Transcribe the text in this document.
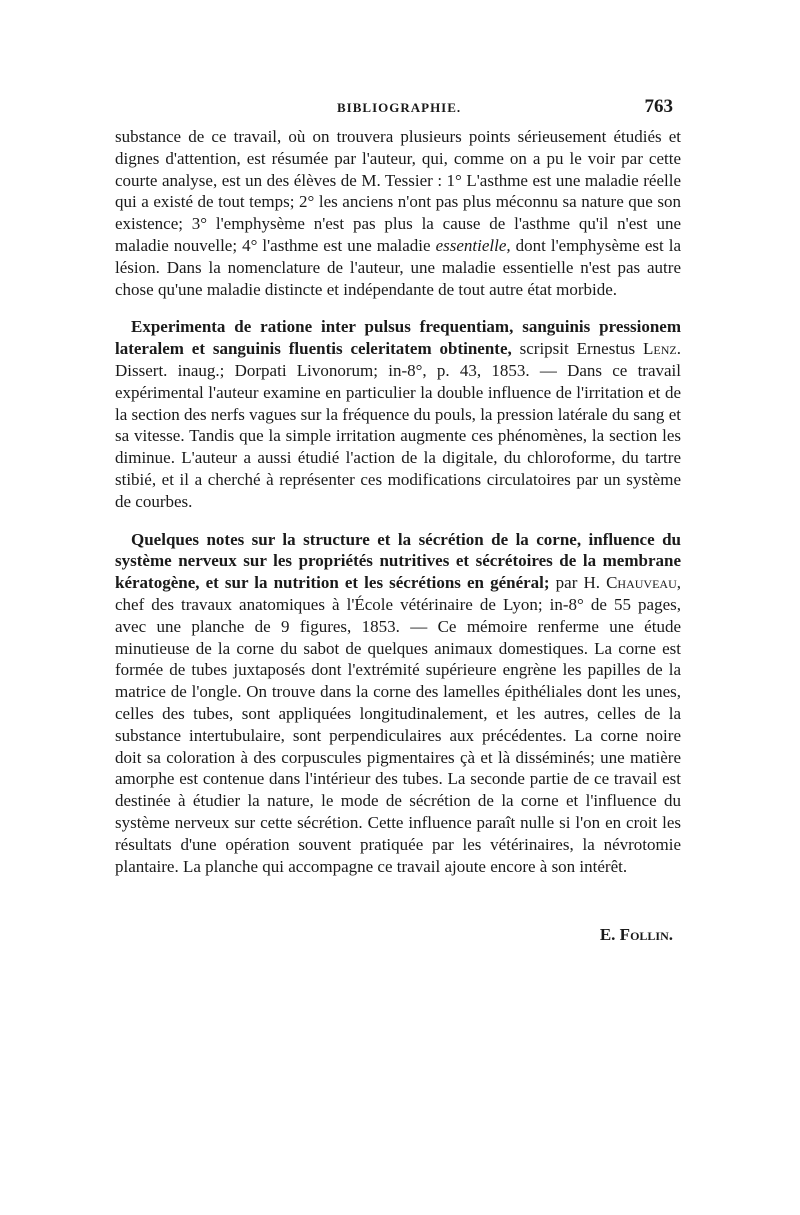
BIBLIOGRAPHIE.	763

substance de ce travail, où on trouvera plusieurs points sérieusement étudiés et dignes d'attention, est résumée par l'auteur, qui, comme on a pu le voir par cette courte analyse, est un des élèves de M. Tessier : 1° L'asthme est une maladie réelle qui a existé de tout temps; 2° les anciens n'ont pas plus méconnu sa nature que son existence; 3° l'emphysème n'est pas plus la cause de l'asthme qu'il n'est une maladie nouvelle; 4° l'asthme est une maladie essentielle, dont l'emphysème est la lésion. Dans la nomenclature de l'auteur, une maladie essentielle n'est pas autre chose qu'une maladie distincte et indépendante de tout autre état morbide.

Experimenta de ratione inter pulsus frequentiam, sanguinis pressionem lateralem et sanguinis fluentis celeritatem obtinente, scripsit Ernestus Lenz. Dissert. inaug.; Dorpati Livonorum; in-8°, p. 43, 1853. — Dans ce travail expérimental l'auteur examine en particulier la double influence de l'irritation et de la section des nerfs vagues sur la fréquence du pouls, la pression latérale du sang et sa vitesse. Tandis que la simple irritation augmente ces phénomènes, la section les diminue. L'auteur a aussi étudié l'action de la digitale, du chloroforme, du tartre stibié, et il a cherché à représenter ces modifications circulatoires par un système de courbes.

Quelques notes sur la structure et la sécrétion de la corne, influence du système nerveux sur les propriétés nutritives et sécrétoires de la membrane kératogène, et sur la nutrition et les sécrétions en général; par H. Chauveau, chef des travaux anatomiques à l'École vétérinaire de Lyon; in-8° de 55 pages, avec une planche de 9 figures, 1853. — Ce mémoire renferme une étude minutieuse de la corne du sabot de quelques animaux domestiques. La corne est formée de tubes juxtaposés dont l'extrémité supérieure engrène les papilles de la matrice de l'ongle. On trouve dans la corne des lamelles épithéliales dont les unes, celles des tubes, sont appliquées longitudinalement, et les autres, celles de la substance intertubulaire, sont perpendiculaires aux précédentes. La corne noire doit sa coloration à des corpuscules pigmentaires çà et là disséminés; une matière amorphe est contenue dans l'intérieur des tubes. La seconde partie de ce travail est destinée à étudier la nature, le mode de sécrétion de la corne et l'influence du système nerveux sur cette sécrétion. Cette influence paraît nulle si l'on en croit les résultats d'une opération souvent pratiquée par les vétérinaires, la névrotomie plantaire. La planche qui accompagne ce travail ajoute encore à son intérêt.

E. Follin.
